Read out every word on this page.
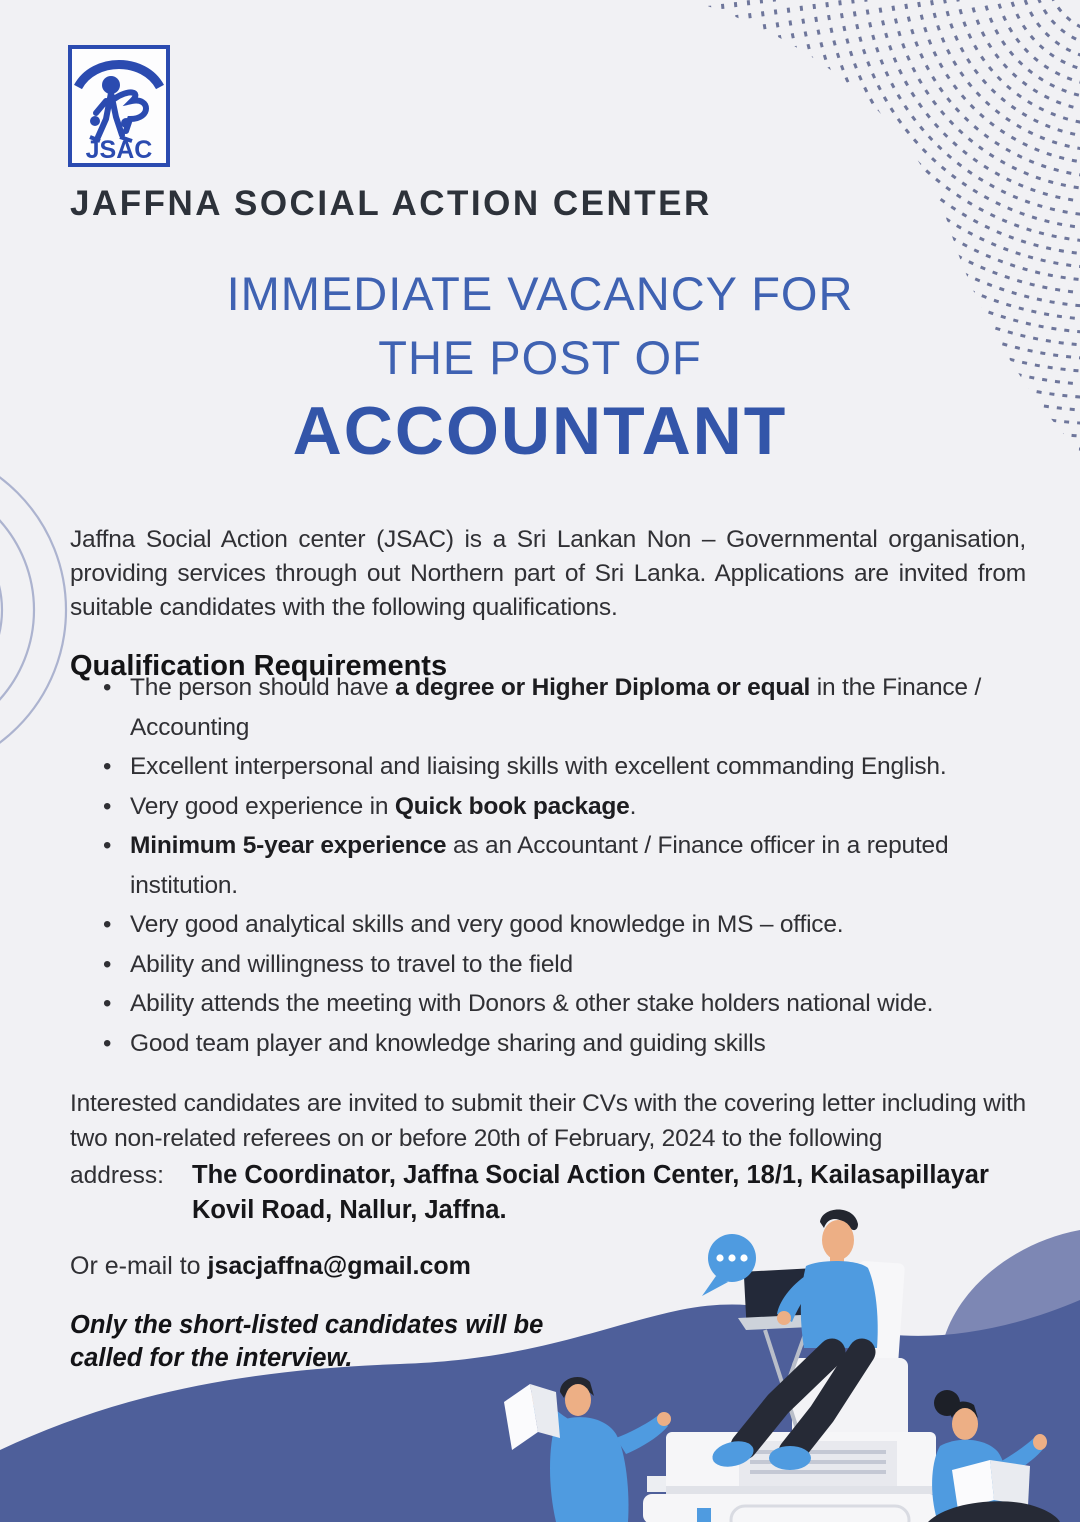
JSAC
JAFFNA SOCIAL ACTION CENTER
IMMEDIATE VACANCY FOR
THE POST OF
ACCOUNTANT

Jaffna Social Action center (JSAC) is a Sri Lankan Non – Governmental organisation, providing services through out Northern part of Sri Lanka. Applications are invited from suitable candidates with the following qualifications.

Qualification Requirements
• The person should have a degree or Higher Diploma or equal in the Finance / Accounting
• Excellent interpersonal and liaising skills with excellent commanding English.
• Very good experience in Quick book package.
• Minimum 5-year experience as an Accountant / Finance officer in a reputed institution.
• Very good analytical skills and very good knowledge in MS – office.
• Ability and willingness to travel to the field
• Ability attends the meeting with Donors & other stake holders national wide.
• Good team player and knowledge sharing and guiding skills

Interested candidates are invited to submit their CVs with the covering letter including with two non-related referees on or before 20th of February, 2024 to the following

address:	The Coordinator, Jaffna Social Action Center, 18/1, Kailasapillayar Kovil Road, Nallur, Jaffna.
Or e-mail to jsacjaffna@gmail.com
Only the short-listed candidates will be called for the interview.
